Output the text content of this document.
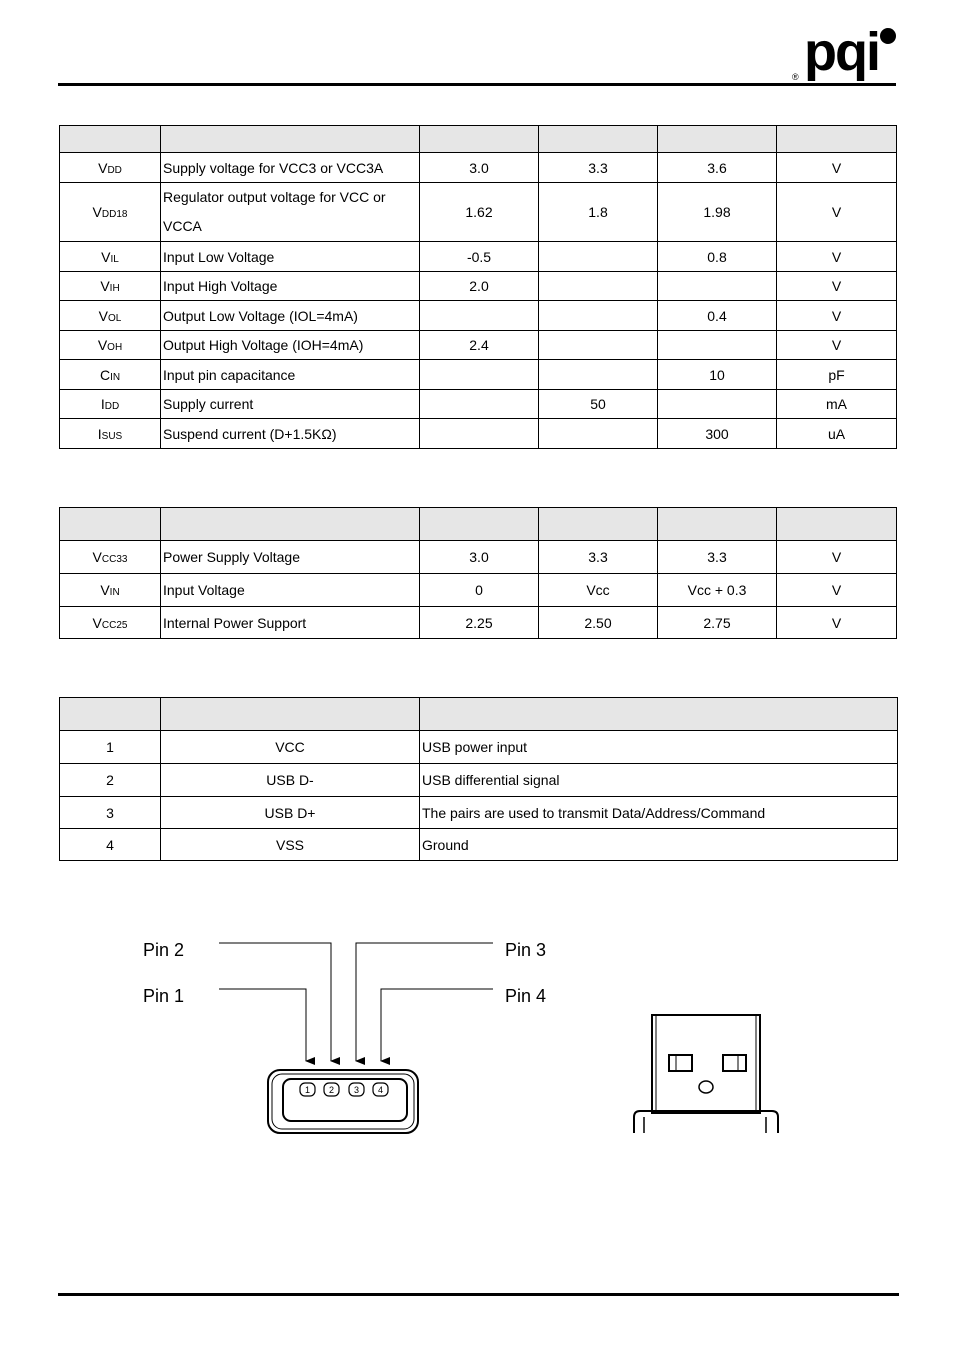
® pqi

VDD	Supply voltage for VCC3 or VCC3A	3.0	3.3	3.6	V
VDD18	Regulator output voltage for VCC or VCCA	1.62	1.8	1.98	V
VIL	Input Low Voltage	-0.5		0.8	V
VIH	Input High Voltage	2.0			V
VOL	Output Low Voltage (IOL=4mA)			0.4	V
VOH	Output High Voltage (IOH=4mA)	2.4			V
CIN	Input pin capacitance			10	pF
IDD	Supply current		50		mA
ISUS	Suspend current (D+1.5KΩ)			300	uA

VCC33	Power Supply Voltage	3.0	3.3	3.3	V
VIN	Input Voltage	0	Vcc	Vcc + 0.3	V
VCC25	Internal Power Support	2.25	2.50	2.75	V

1	VCC	USB power input
2	USB D-	USB differential signal
3	USB D+	The pairs are used to transmit Data/Address/Command
4	VSS	Ground
Pin 2
Pin 1
Pin 3
Pin 4
1 2 3 4
